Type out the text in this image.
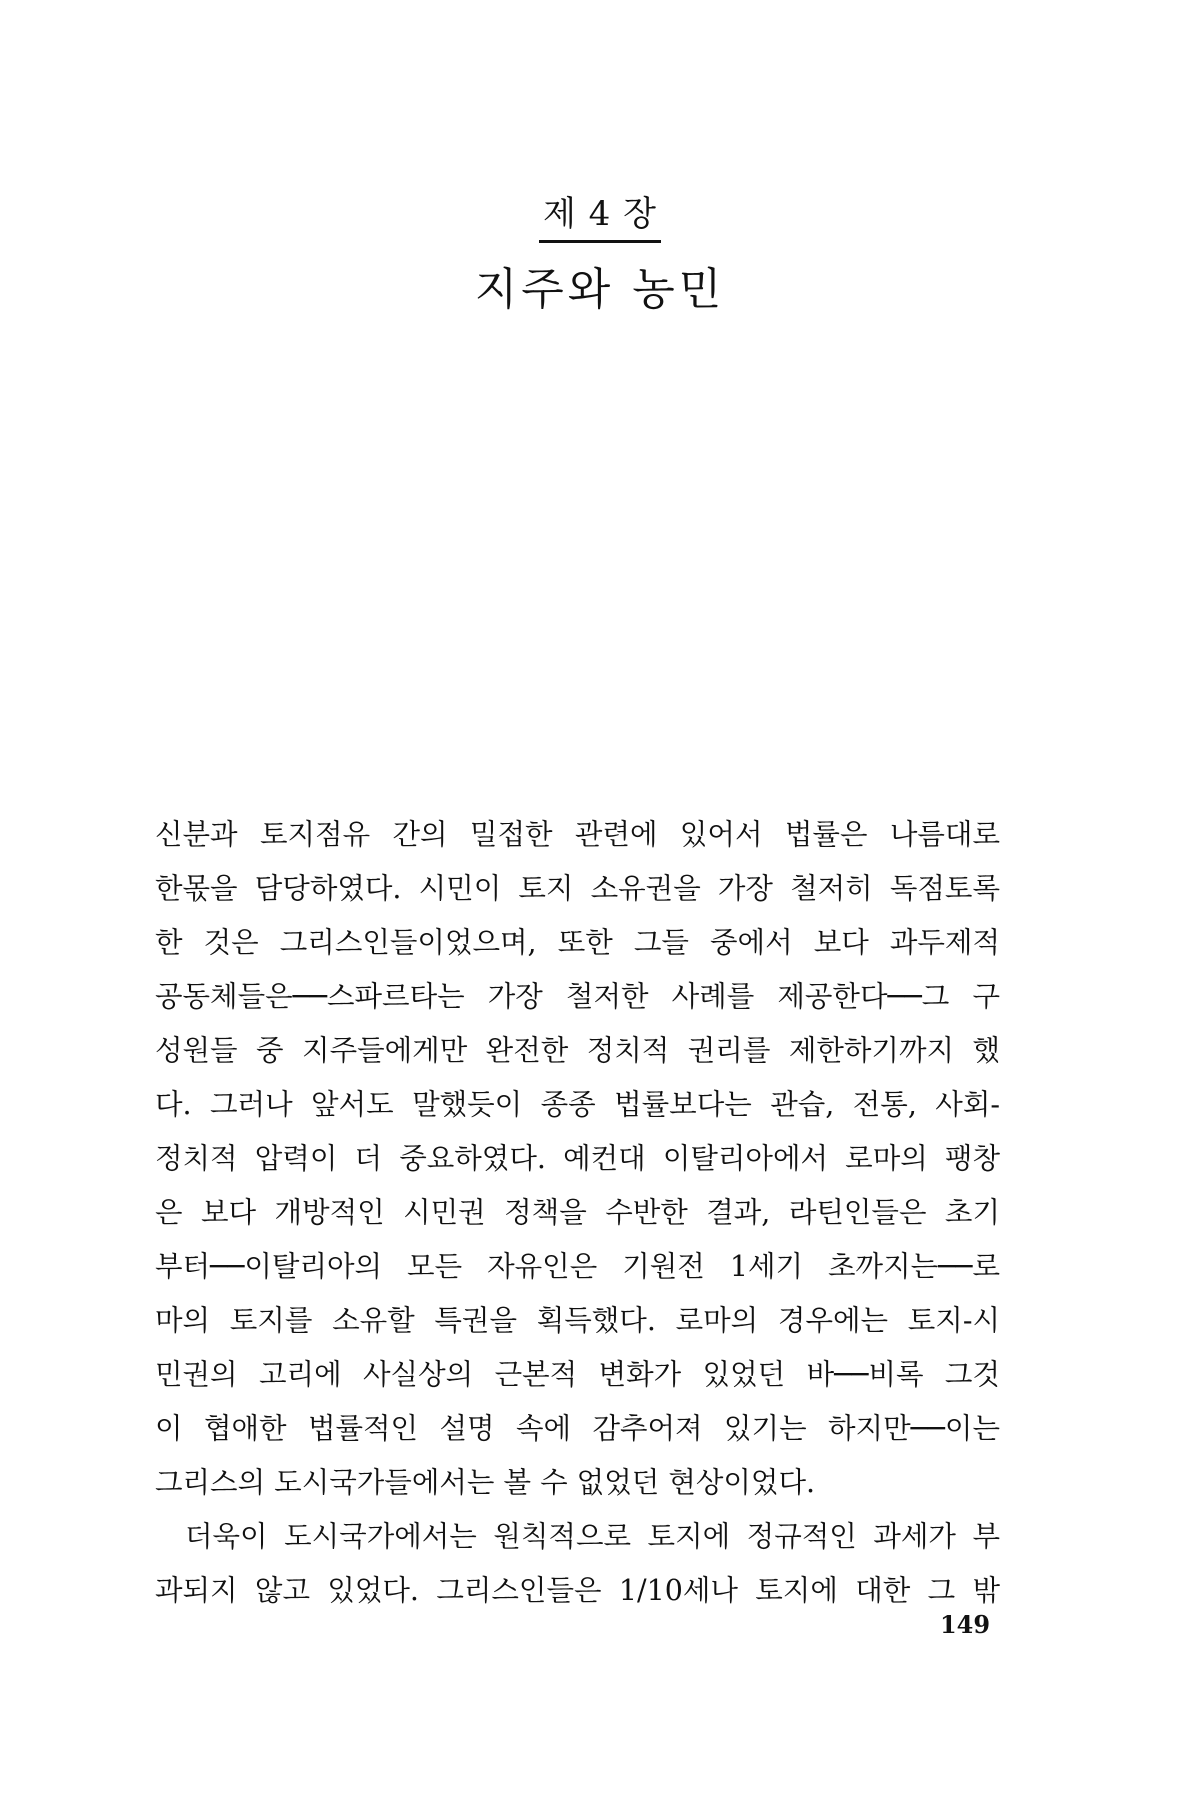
제 4 장
지주와 농민
신분과 토지점유 간의 밀접한 관련에 있어서 법률은 나름대로
한몫을 담당하였다. 시민이 토지 소유권을 가장 철저히 독점토록
한 것은 그리스인들이었으며, 또한 그들 중에서 보다 과두제적
공동체들은──스파르타는 가장 철저한 사례를 제공한다──그 구
성원들 중 지주들에게만 완전한 정치적 권리를 제한하기까지 했
다. 그러나 앞서도 말했듯이 종종 법률보다는 관습, 전통, 사회-
정치적 압력이 더 중요하였다. 예컨대 이탈리아에서 로마의 팽창
은 보다 개방적인 시민권 정책을 수반한 결과, 라틴인들은 초기
부터──이탈리아의 모든 자유인은 기원전 1세기 초까지는──로
마의 토지를 소유할 특권을 획득했다. 로마의 경우에는 토지-시
민권의 고리에 사실상의 근본적 변화가 있었던 바──비록 그것
이 협애한 법률적인 설명 속에 감추어져 있기는 하지만──이는
그리스의 도시국가들에서는 볼 수 없었던 현상이었다.
더욱이 도시국가에서는 원칙적으로 토지에 정규적인 과세가 부
과되지 않고 있었다. 그리스인들은 1/10세나 토지에 대한 그 밖
149
